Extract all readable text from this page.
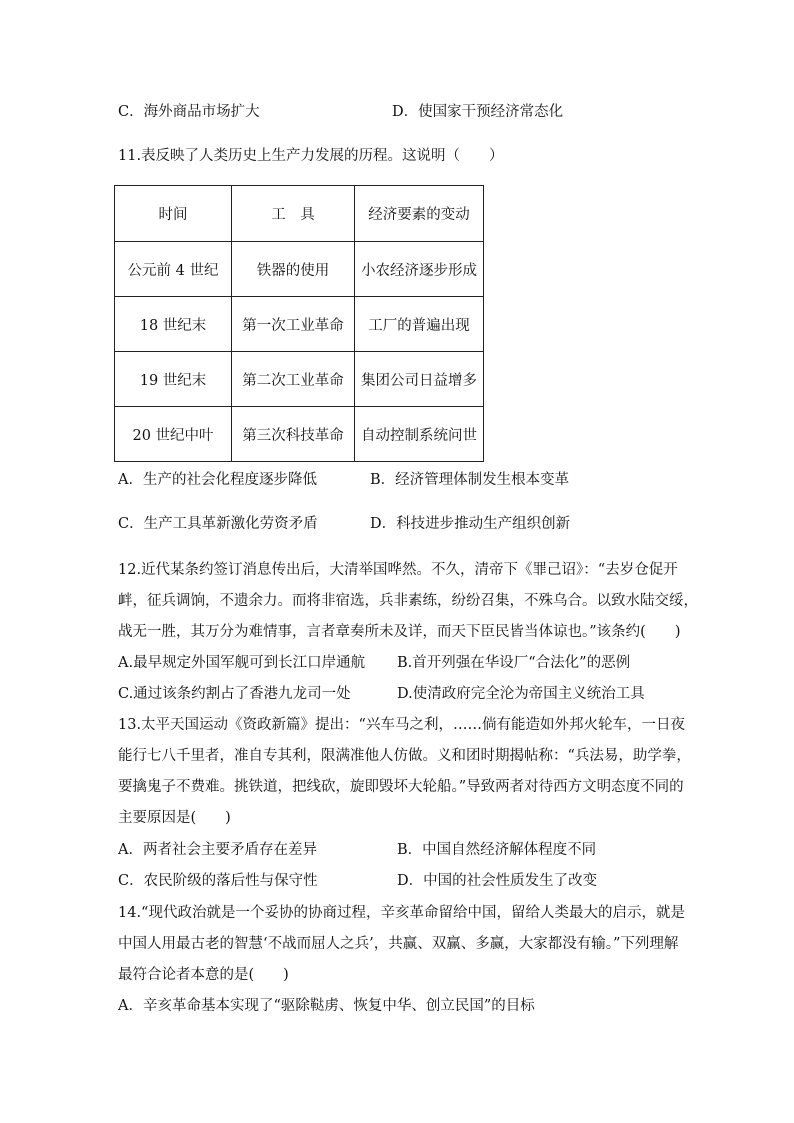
C．海外商品市场扩大	D．使国家干预经济常态化
11.表反映了人类历史上生产力发展的历程。这说明（　　）
时间	工　具	经济要素的变动
公元前 4 世纪	铁器的使用	小农经济逐步形成
18 世纪末	第一次工业革命	工厂的普遍出现
19 世纪末	第二次工业革命	集团公司日益增多
20 世纪中叶	第三次科技革命	自动控制系统问世
A．生产的社会化程度逐步降低	B．经济管理体制发生根本变革
C．生产工具革新激化劳资矛盾	D．科技进步推动生产组织创新
12.近代某条约签订消息传出后，大清举国哗然。不久，清帝下《罪己诏》：“去岁仓促开
衅，征兵调饷，不遗余力。而将非宿选，兵非素练，纷纷召集，不殊乌合。以致水陆交绥，
战无一胜，其万分为难情事，言者章奏所未及详，而天下臣民皆当体谅也。”该条约(　　)
A.最早规定外国军舰可到长江口岸通航 B.首开列强在华设厂“合法化”的恶例
C.通过该条约割占了香港九龙司一处	D.使清政府完全沦为帝国主义统治工具
13.太平天国运动《资政新篇》提出：“兴车马之利，……倘有能造如外邦火轮车，一日夜
能行七八千里者，准自专其利，限满准他人仿做。义和团时期揭帖称：“兵法易，助学拳，
要擒鬼子不费难。挑铁道，把线砍，旋即毁坏大轮船。”导致两者对待西方文明态度不同的
主要原因是(　　)
A．两者社会主要矛盾存在差异	B．中国自然经济解体程度不同
C．农民阶级的落后性与保守性	D．中国的社会性质发生了改变
14.“现代政治就是一个妥协的协商过程，辛亥革命留给中国，留给人类最大的启示，就是
中国人用最古老的智慧‘不战而屈人之兵’，共赢、双赢、多赢，大家都没有输。”下列理解
最符合论者本意的是(　　)
A．辛亥革命基本实现了“驱除鞑虏、恢复中华、创立民国”的目标
